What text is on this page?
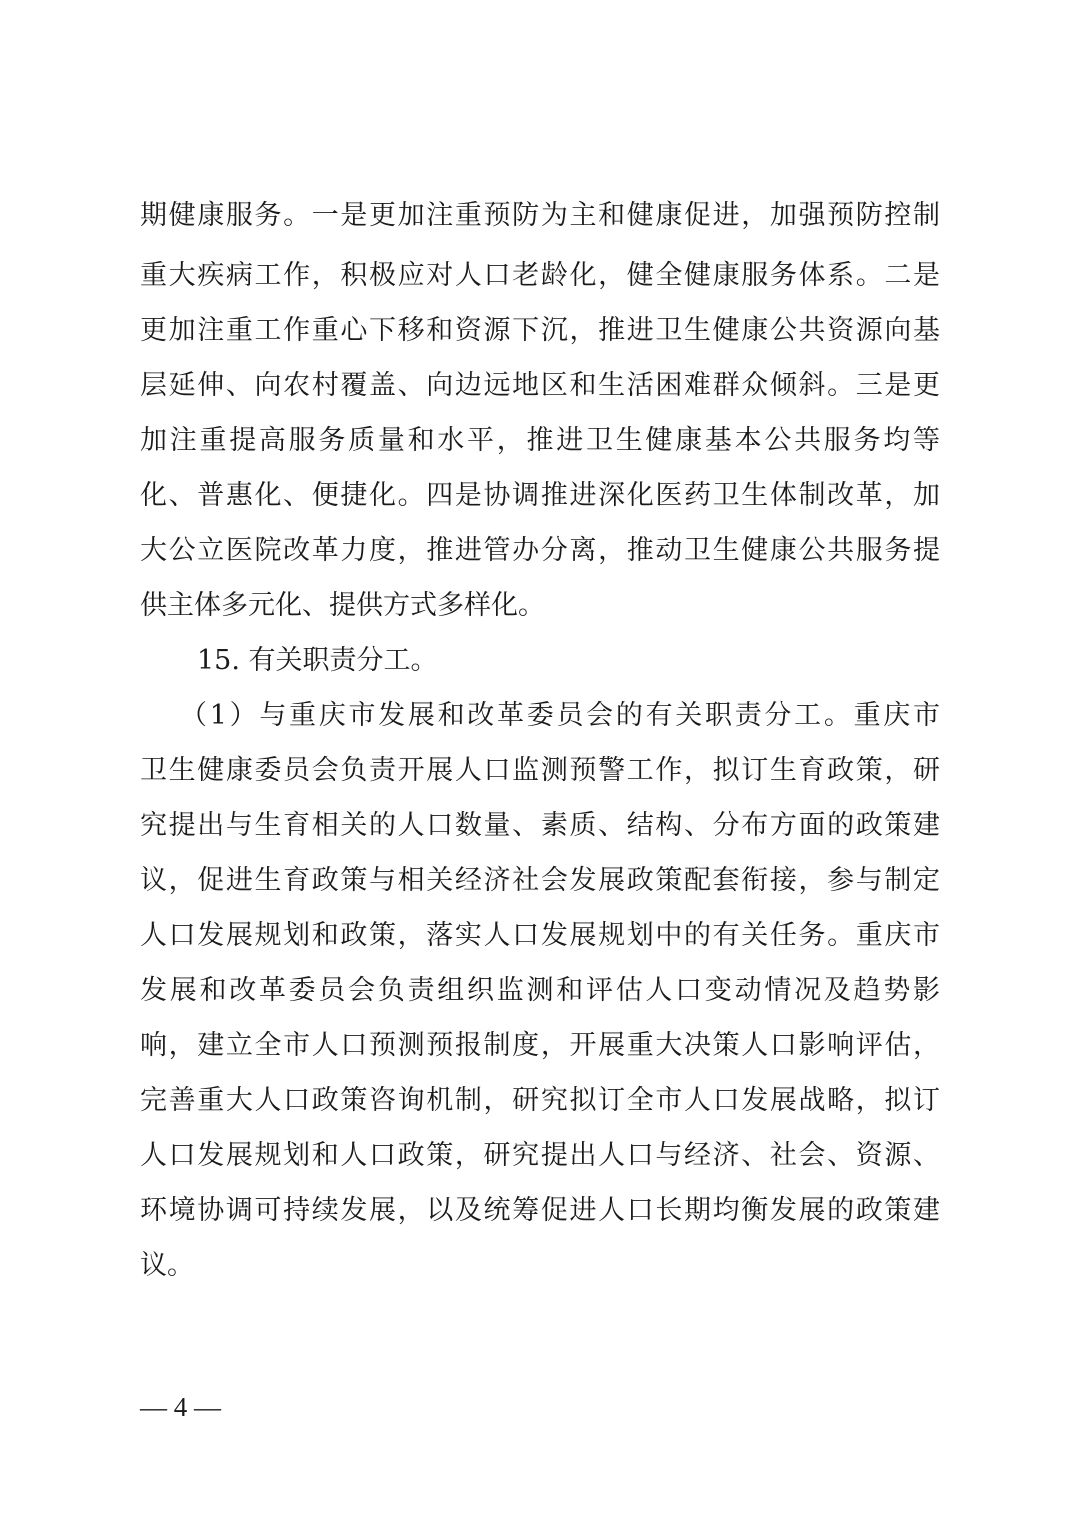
期健康服务。一是更加注重预防为主和健康促进，加强预防控制
重大疾病工作，积极应对人口老龄化，健全健康服务体系。二是
更加注重工作重心下移和资源下沉，推进卫生健康公共资源向基
层延伸、向农村覆盖、向边远地区和生活困难群众倾斜。三是更
加注重提高服务质量和水平，推进卫生健康基本公共服务均等
化、普惠化、便捷化。四是协调推进深化医药卫生体制改革，加
大公立医院改革力度，推进管办分离，推动卫生健康公共服务提
供主体多元化、提供方式多样化。
15. 有关职责分工。
（1）与重庆市发展和改革委员会的有关职责分工。重庆市
卫生健康委员会负责开展人口监测预警工作，拟订生育政策，研
究提出与生育相关的人口数量、素质、结构、分布方面的政策建
议，促进生育政策与相关经济社会发展政策配套衔接，参与制定
人口发展规划和政策，落实人口发展规划中的有关任务。重庆市
发展和改革委员会负责组织监测和评估人口变动情况及趋势影
响，建立全市人口预测预报制度，开展重大决策人口影响评估，
完善重大人口政策咨询机制，研究拟订全市人口发展战略，拟订
人口发展规划和人口政策，研究提出人口与经济、社会、资源、
环境协调可持续发展，以及统筹促进人口长期均衡发展的政策建
议。
— 4 —
